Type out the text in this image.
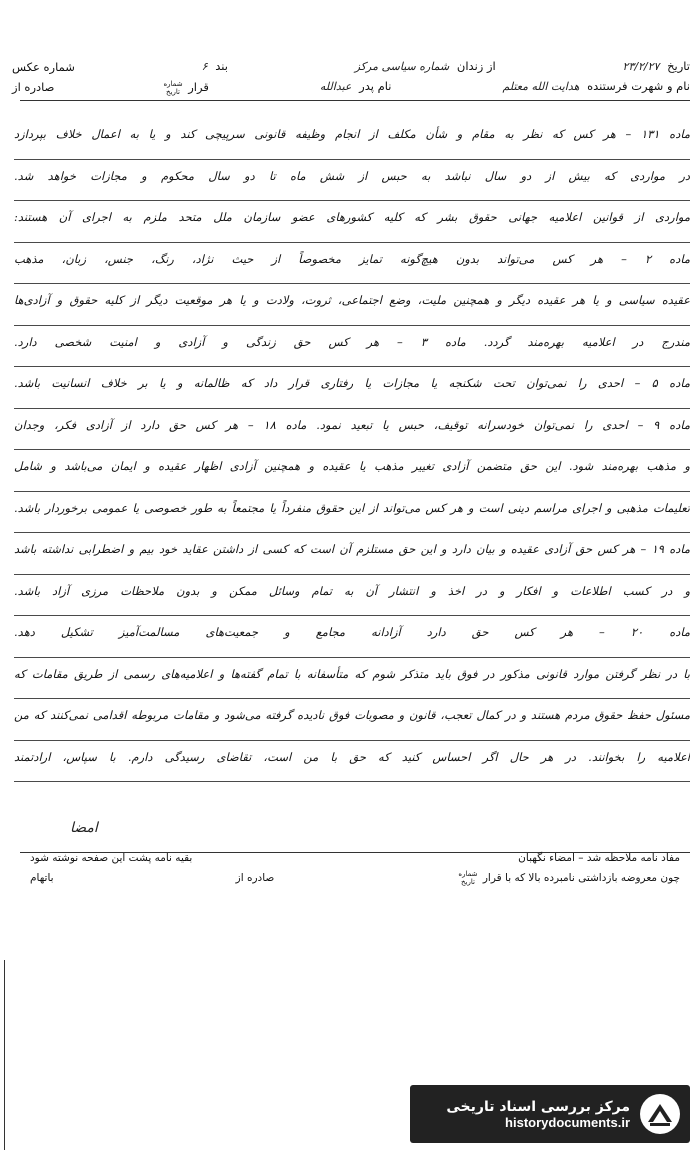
تاریخ ۲۳/۲/۲۷
از زندان شماره سیاسی مرکز
بند ۶
شماره عکس
نام و شهرت فرستنده هدایت الله معتلم
نام پدر عبدالله
قرار
شماره
تاریخ
صادره از
ماده ۱۳۱ – هر کس که نظر به مقام و شأن مکلف از انجام وظیفه قانونی سرپیچی کند و یا به اعمال خلاف بپردازد
در مواردی که بیش از دو سال نباشد به حبس از شش ماه تا دو سال محکوم و مجازات خواهد شد.
مواردی از قوانین اعلامیه جهانی حقوق بشر که کلیه کشورهای عضو سازمان ملل متحد ملزم به اجرای آن هستند:
ماده ۲ – هر کس می‌تواند بدون هیچ‌گونه تمایز مخصوصاً از حیث نژاد، رنگ، جنس، زبان، مذهب
عقیده سیاسی و یا هر عقیده دیگر و همچنین ملیت، وضع اجتماعی، ثروت، ولادت و یا هر موقعیت دیگر از کلیه حقوق و آزادی‌ها
مندرج در اعلامیه بهره‌مند گردد. ماده ۳ – هر کس حق زندگی و آزادی و امنیت شخصی دارد.
ماده ۵ – احدی را نمی‌توان تحت شکنجه یا مجازات یا رفتاری قرار داد که ظالمانه و یا بر خلاف انسانیت باشد.
ماده ۹ – احدی را نمی‌توان خودسرانه توقیف، حبس یا تبعید نمود. ماده ۱۸ – هر کس حق دارد از آزادی فکر، وجدان
و مذهب بهره‌مند شود. این حق متضمن آزادی تغییر مذهب یا عقیده و همچنین آزادی اظهار عقیده و ایمان می‌باشد و شامل
تعلیمات مذهبی و اجرای مراسم دینی است و هر کس می‌تواند از این حقوق منفرداً یا مجتمعاً به طور خصوصی یا عمومی برخوردار باشد.
ماده ۱۹ – هر کس حق آزادی عقیده و بیان دارد و این حق مستلزم آن است که کسی از داشتن عقاید خود بیم و اضطرابی نداشته باشد
و در کسب اطلاعات و افکار و در اخذ و انتشار آن به تمام وسائل ممکن و بدون ملاحظات مرزی آزاد باشد.
ماده ۲۰ – هر کس حق دارد آزادانه مجامع و جمعیت‌های مسالمت‌آمیز تشکیل دهد.
با در نظر گرفتن موارد قانونی مذکور در فوق باید متذکر شوم که متأسفانه با تمام گفته‌ها و اعلامیه‌های رسمی از طریق مقامات که
مسئول حفظ حقوق مردم هستند و در کمال تعجب، قانون و مصوبات فوق نادیده گرفته می‌شود و مقامات مربوطه اقدامی نمی‌کنند که من
اعلامیه را بخوانند. در هر حال اگر احساس کنید که حق با من است، تقاضای رسیدگی دارم. با سپاس، ارادتمند
امضا
مفاد نامه ملاحظه شد – امضاء نگهبان
بقیه نامه پشت این صفحه نوشته شود
چون معروضه بازداشتی نامبرده بالا که با قرار
شماره
تاریخ
صادره از
باتهام
مرکز بررسی اسناد تاریخی
historydocuments.ir
